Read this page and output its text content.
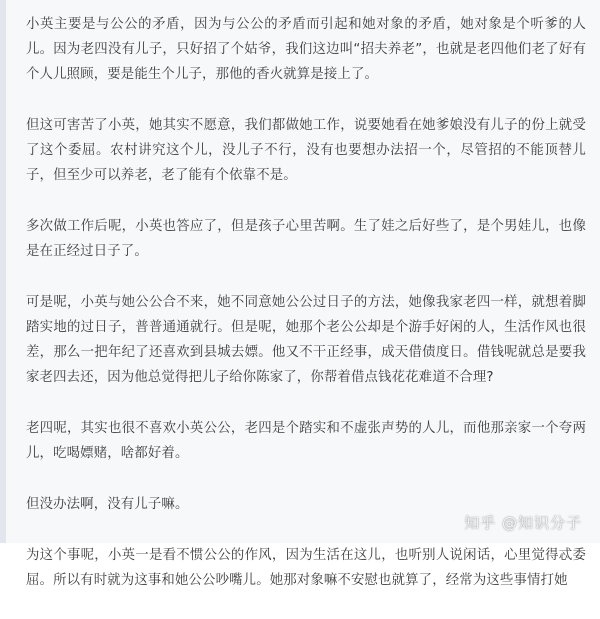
小英主要是与公公的矛盾，因为与公公的矛盾而引起和她对象的矛盾，她对象是个听爹的人儿。因为老四没有儿子，只好招了个姑爷，我们这边叫“招夫养老”，也就是老四他们老了好有个人儿照顾，要是能生个儿子，那他的香火就算是接上了。

但这可害苦了小英，她其实不愿意，我们都做她工作，说要她看在她爹娘没有儿子的份上就受了这个委屈。农村讲究这个儿，没儿子不行，没有也要想办法招一个，尽管招的不能顶替儿子，但至少可以养老，老了能有个依靠不是。

多次做工作后呢，小英也答应了，但是孩子心里苦啊。生了娃之后好些了，是个男娃儿，也像是在正经过日子了。

可是呢，小英与她公公合不来，她不同意她公公过日子的方法，她像我家老四一样，就想着脚踏实地的过日子，普普通通就行。但是呢，她那个老公公却是个游手好闲的人，生活作风也很差，那么一把年纪了还喜欢到县城去嫖。他又不干正经事，成天借债度日。借钱呢就总是要我家老四去还，因为他总觉得把儿子给你陈家了，你帮着借点钱花花难道不合理?

老四呢，其实也很不喜欢小英公公，老四是个踏实和不虚张声势的人儿，而他那亲家一个夸两儿，吃喝嫖赌，啥都好着。

但没办法啊，没有儿子嘛。

为这个事呢，小英一是看不惯公公的作风，因为生活在这儿，也听别人说闲话，心里觉得忒委屈。所以有时就为这事和她公公吵嘴儿。她那对象嘛不安慰也就算了，经常为这些事情打她

知乎 @知识分子
